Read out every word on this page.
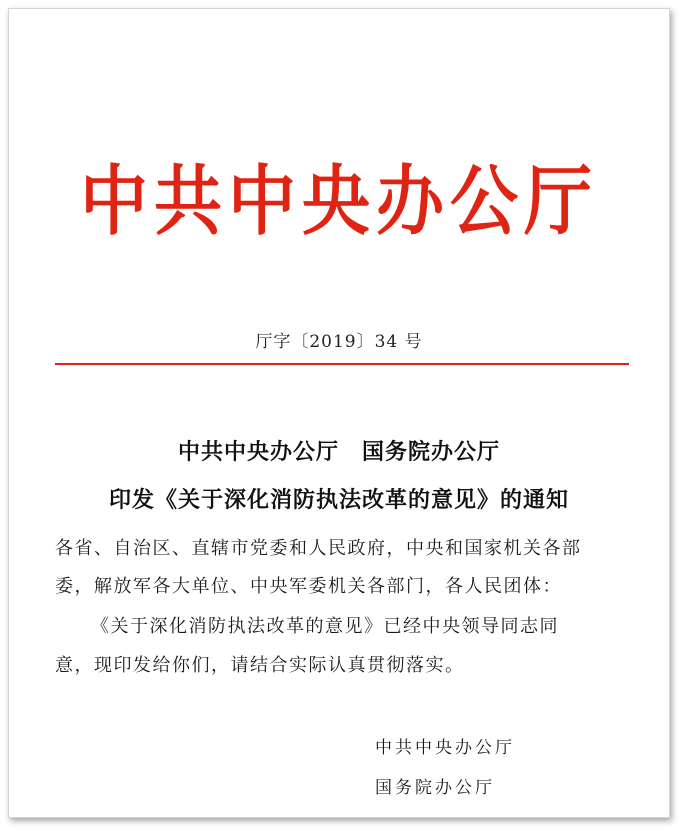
中共中央办公厅
厅字〔2019〕34 号
中共中央办公厅　国务院办公厅
印发《关于深化消防执法改革的意见》的通知
各省、自治区、直辖市党委和人民政府，中央和国家机关各部
委，解放军各大单位、中央军委机关各部门，各人民团体：
《关于深化消防执法改革的意见》已经中央领导同志同
意，现印发给你们，请结合实际认真贯彻落实。
中共中央办公厅
国务院办公厅
